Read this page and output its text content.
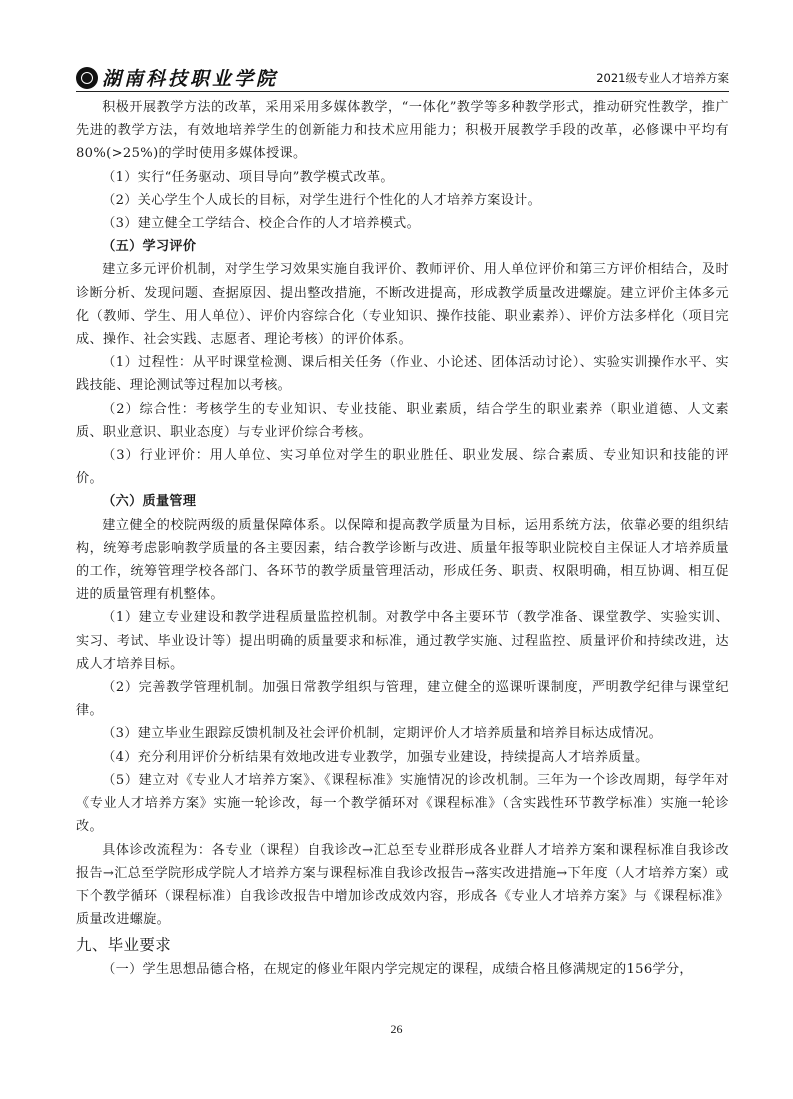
湖南科技职业学院	2021级专业人才培养方案

积极开展教学方法的改革，采用采用多媒体教学，“一体化”教学等多种教学形式，推动研究性教学，推广先进的教学方法，有效地培养学生的创新能力和技术应用能力；积极开展教学手段的改革，必修课中平均有80%(>25%)的学时使用多媒体授课。

（1）实行“任务驱动、项目导向”教学模式改革。

（2）关心学生个人成长的目标，对学生进行个性化的人才培养方案设计。

（3）建立健全工学结合、校企合作的人才培养模式。

（五）学习评价

建立多元评价机制，对学生学习效果实施自我评价、教师评价、用人单位评价和第三方评价相结合，及时诊断分析、发现问题、查据原因、提出整改措施，不断改进提高，形成教学质量改进螺旋。建立评价主体多元化（教师、学生、用人单位）、评价内容综合化（专业知识、操作技能、职业素养）、评价方法多样化（项目完成、操作、社会实践、志愿者、理论考核）的评价体系。

（1）过程性：从平时课堂检测、课后相关任务（作业、小论述、团体活动讨论）、实验实训操作水平、实践技能、理论测试等过程加以考核。

（2）综合性：考核学生的专业知识、专业技能、职业素质，结合学生的职业素养（职业道德、人文素质、职业意识、职业态度）与专业评价综合考核。

（3）行业评价：用人单位、实习单位对学生的职业胜任、职业发展、综合素质、专业知识和技能的评价。

（六）质量管理

建立健全的校院两级的质量保障体系。以保障和提高教学质量为目标，运用系统方法，依靠必要的组织结构，统筹考虑影响教学质量的各主要因素，结合教学诊断与改进、质量年报等职业院校自主保证人才培养质量的工作，统筹管理学校各部门、各环节的教学质量管理活动，形成任务、职责、权限明确，相互协调、相互促进的质量管理有机整体。

（1）建立专业建设和教学进程质量监控机制。对教学中各主要环节（教学准备、课堂教学、实验实训、实习、考试、毕业设计等）提出明确的质量要求和标准，通过教学实施、过程监控、质量评价和持续改进，达成人才培养目标。

（2）完善教学管理机制。加强日常教学组织与管理，建立健全的巡课听课制度，严明教学纪律与课堂纪律。

（3）建立毕业生跟踪反馈机制及社会评价机制，定期评价人才培养质量和培养目标达成情况。

（4）充分利用评价分析结果有效地改进专业教学，加强专业建设，持续提高人才培养质量。

（5）建立对《专业人才培养方案》、《课程标准》实施情况的诊改机制。三年为一个诊改周期，每学年对《专业人才培养方案》实施一轮诊改，每一个教学循环对《课程标准》（含实践性环节教学标准）实施一轮诊改。

具体诊改流程为：各专业（课程）自我诊改→汇总至专业群形成各业群人才培养方案和课程标准自我诊改报告→汇总至学院形成学院人才培养方案与课程标准自我诊改报告→落实改进措施→下年度（人才培养方案）或下个教学循环（课程标准）自我诊改报告中增加诊改成效内容，形成各《专业人才培养方案》与《课程标准》质量改进螺旋。

九、毕业要求

（一）学生思想品德合格，在规定的修业年限内学完规定的课程，成绩合格且修满规定的156学分，

26
